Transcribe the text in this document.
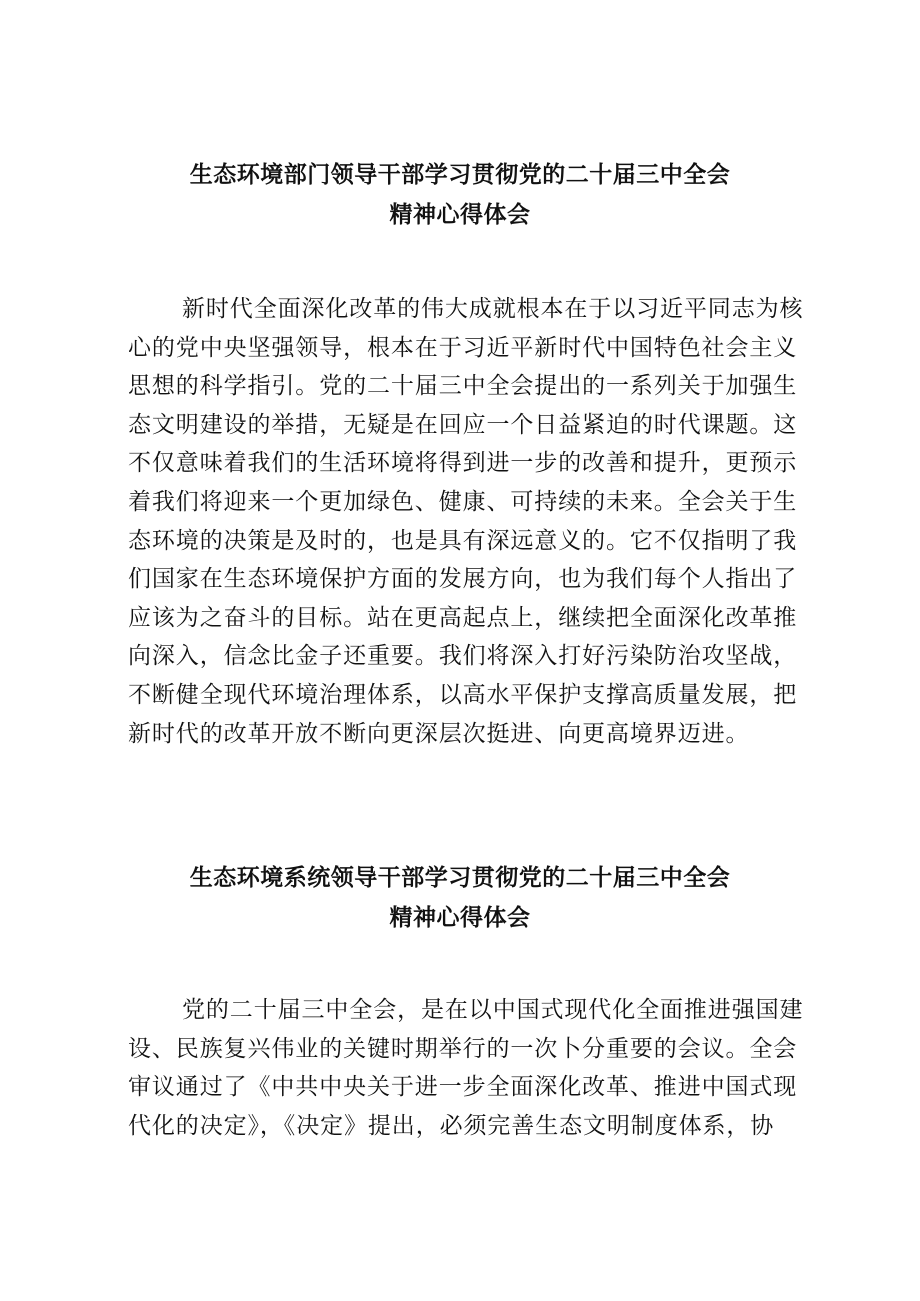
生态环境部门领导干部学习贯彻党的二十届三中全会
精神心得体会
新时代全面深化改革的伟大成就根本在于以习近平同志为核
心的党中央坚强领导，根本在于习近平新时代中国特色社会主义
思想的科学指引。党的二十届三中全会提出的一系列关于加强生
态文明建设的举措，无疑是在回应一个日益紧迫的时代课题。这
不仅意味着我们的生活环境将得到进一步的改善和提升，更预示
着我们将迎来一个更加绿色、健康、可持续的未来。全会关于生
态环境的决策是及时的，也是具有深远意义的。它不仅指明了我
们国家在生态环境保护方面的发展方向，也为我们每个人指出了
应该为之奋斗的目标。站在更高起点上，继续把全面深化改革推
向深入，信念比金子还重要。我们将深入打好污染防治攻坚战，
不断健全现代环境治理体系，以高水平保护支撑高质量发展，把
新时代的改革开放不断向更深层次挺进、向更高境界迈进。
生态环境系统领导干部学习贯彻党的二十届三中全会
精神心得体会
党的二十届三中全会，是在以中国式现代化全面推进强国建
设、民族复兴伟业的关键时期举行的一次卜分重要的会议。全会
审议通过了《中共中央关于进一步全面深化改革、推进中国式现
代化的决定》，《决定》提出，必须完善生态文明制度体系，协
